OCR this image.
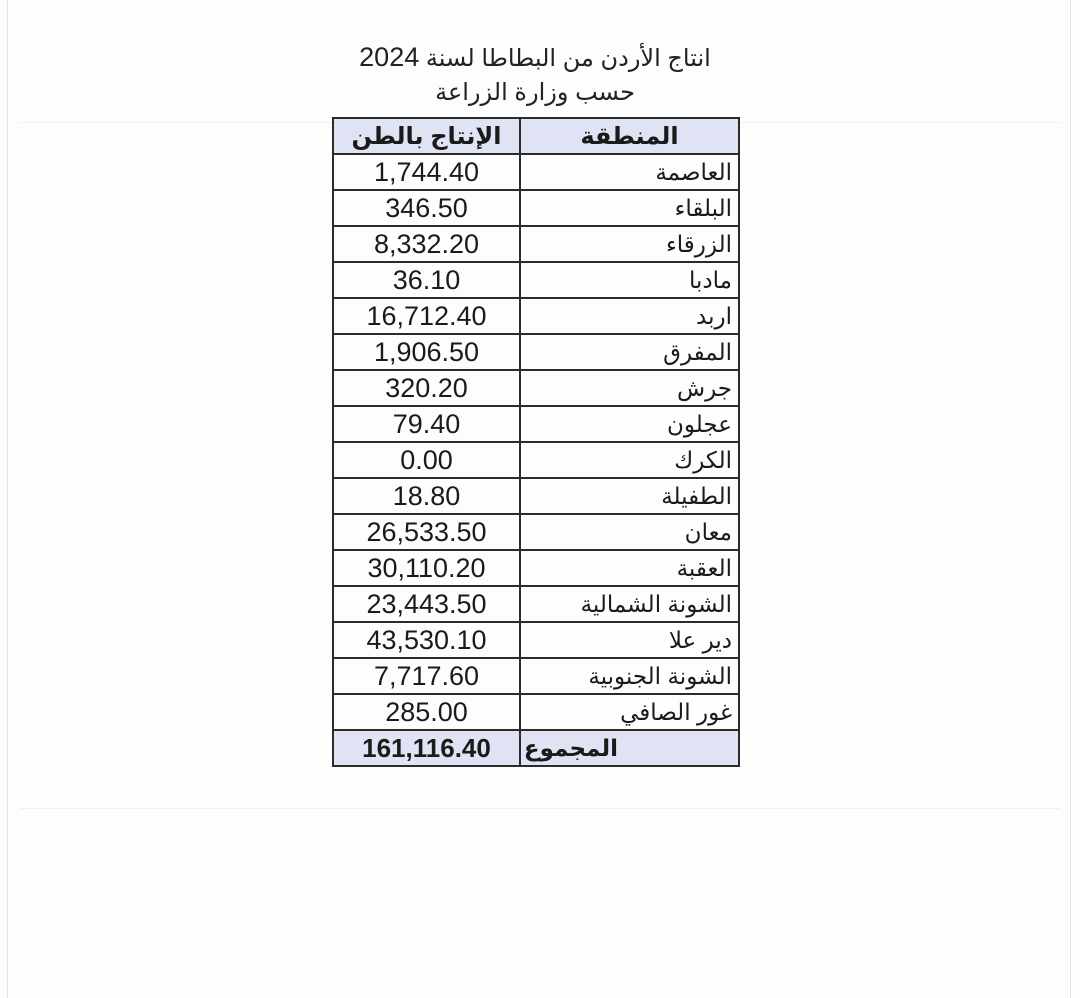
انتاج الأردن من البطاطا لسنة 2024
حسب وزارة الزراعة
الإنتاج بالطن	المنطقة
1,744.40	العاصمة
346.50	البلقاء
8,332.20	الزرقاء
36.10	مادبا
16,712.40	اربد
1,906.50	المفرق
320.20	جرش
79.40	عجلون
0.00	الكرك
18.80	الطفيلة
26,533.50	معان
30,110.20	العقبة
23,443.50	الشونة الشمالية
43,530.10	دير علا
7,717.60	الشونة الجنوبية
285.00	غور الصافي
161,116.40	المجموع
